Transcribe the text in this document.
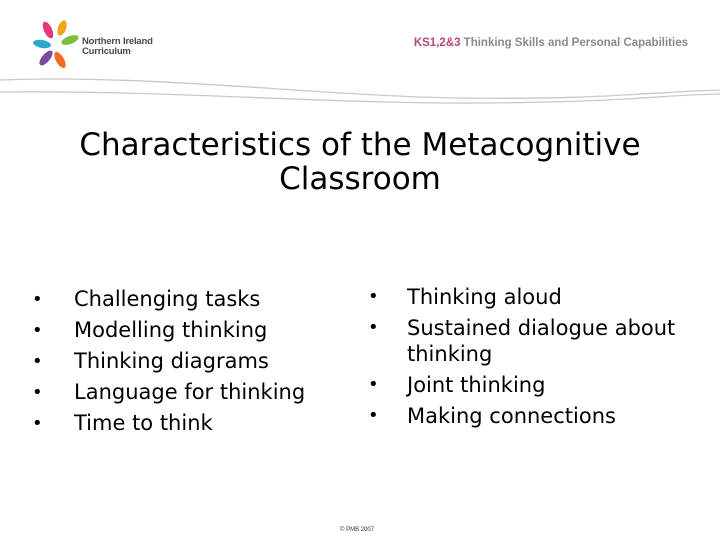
Northern Ireland
Curriculum
KS1,2&3 Thinking Skills and Personal Capabilities
Characteristics of the Metacognitive Classroom
• Challenging tasks
• Modelling thinking
• Thinking diagrams
• Language for thinking
• Time to think
• Thinking aloud
• Sustained dialogue about thinking
• Joint thinking
• Making connections
© PMB 2007
